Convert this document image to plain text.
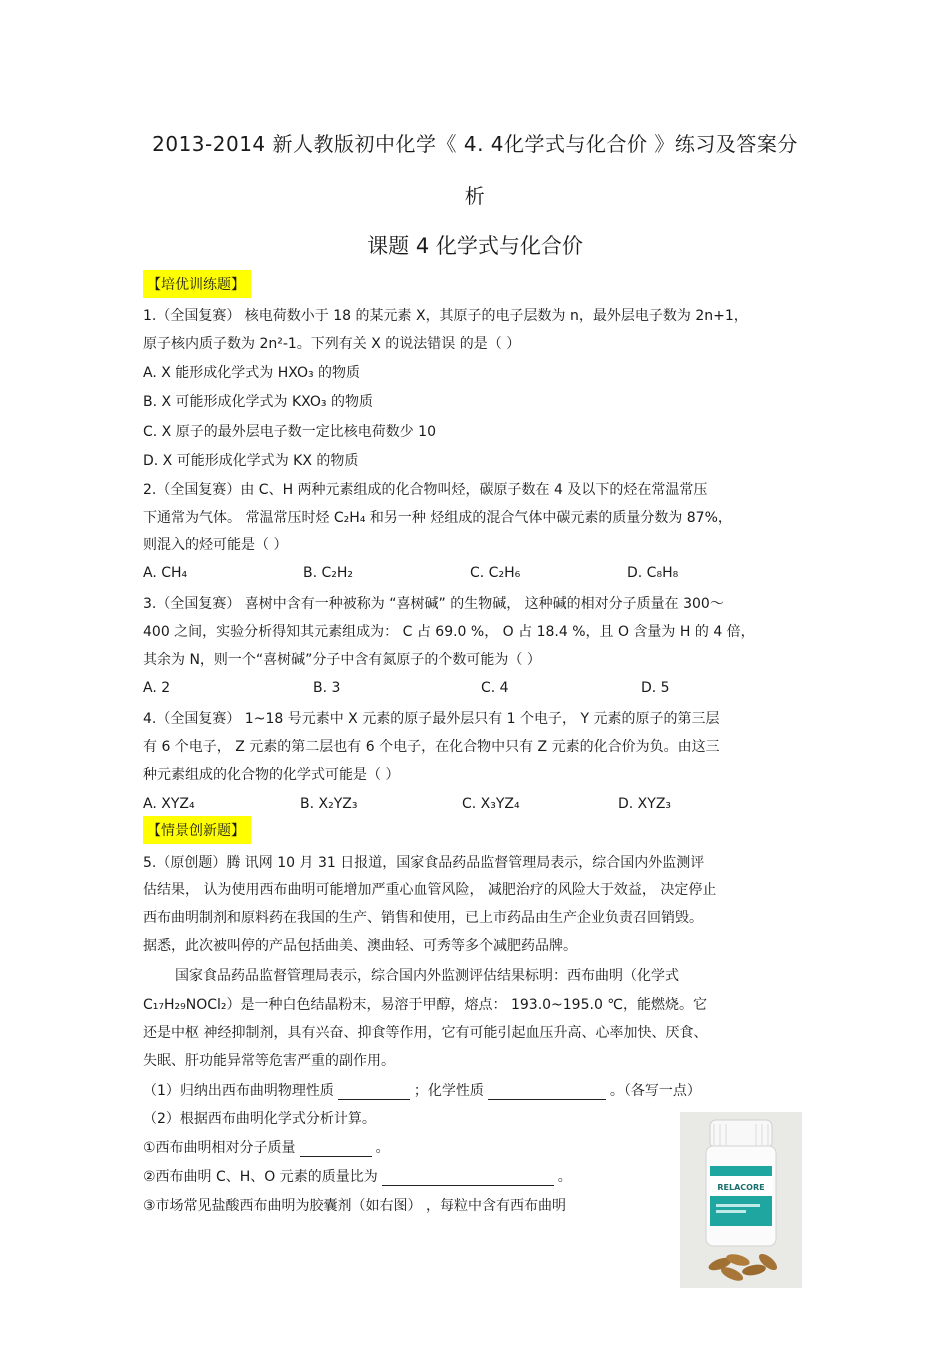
2013-2014 新人教版初中化学《 4. 4化学式与化合价 》练习及答案分
析
课题 4 化学式与化合价
【培优训练题】
1.（全国复赛） 核电荷数小于 18 的某元素 X，其原子的电子层数为 n，最外层电子数为 2n+1，
原子核内质子数为 2n²-1。下列有关 X 的说法错误 的是（ ）
A. X 能形成化学式为 HXO₃ 的物质
B. X 可能形成化学式为 KXO₃ 的物质
C. X 原子的最外层电子数一定比核电荷数少 10
D. X 可能形成化学式为 KX 的物质
2.（全国复赛）由 C、H 两种元素组成的化合物叫烃，碳原子数在 4 及以下的烃在常温常压
下通常为气体。 常温常压时烃 C₂H₄ 和另一种 烃组成的混合气体中碳元素的质量分数为 87%，
则混入的烃可能是（ ）
A. CH₄	B. C₂H₂	C. C₂H₆	D. C₈H₈
3.（全国复赛） 喜树中含有一种被称为 “喜树碱” 的生物碱， 这种碱的相对分子质量在 300～
400 之间，实验分析得知其元素组成为： C 占 69.0 %， O 占 18.4 %，且 O 含量为 H 的 4 倍，
其余为 N，则一个“喜树碱”分子中含有氮原子的个数可能为（ ）
A. 2	B. 3	C. 4	D. 5
4.（全国复赛） 1~18 号元素中 X 元素的原子最外层只有 1 个电子， Y 元素的原子的第三层
有 6 个电子， Z 元素的第二层也有 6 个电子，在化合物中只有 Z 元素的化合价为负。由这三
种元素组成的化合物的化学式可能是（ ）
A. XYZ₄	B. X₂YZ₃	C. X₃YZ₄	D. XYZ₃
【情景创新题】
5.（原创题）腾 讯网 10 月 31 日报道，国家食品药品监督管理局表示，综合国内外监测评
估结果， 认为使用西布曲明可能增加严重心血管风险， 减肥治疗的风险大于效益， 决定停止
西布曲明制剂和原料药在我国的生产、销售和使用，已上市药品由生产企业负责召回销毁。
据悉，此次被叫停的产品包括曲美、澳曲轻、可秀等多个减肥药品牌。
国家食品药品监督管理局表示，综合国内外监测评估结果标明：西布曲明（化学式
C₁₇H₂₉NOCl₂）是一种白色结晶粉末，易溶于甲醇，熔点： 193.0~195.0 ℃，能燃烧。它
还是中枢 神经抑制剂，具有兴奋、抑食等作用，它有可能引起血压升高、心率加快、厌食、
失眠、肝功能异常等危害严重的副作用。
（1）归纳出西布曲明物理性质	；化学性质	。（各写一点）
（2）根据西布曲明化学式分析计算。
①西布曲明相对分子质量	。
②西布曲明 C、H、O 元素的质量比为	。
③市场常见盐酸西布曲明为胶囊剂（如右图） ，每粒中含有西布曲明
RELACORE
